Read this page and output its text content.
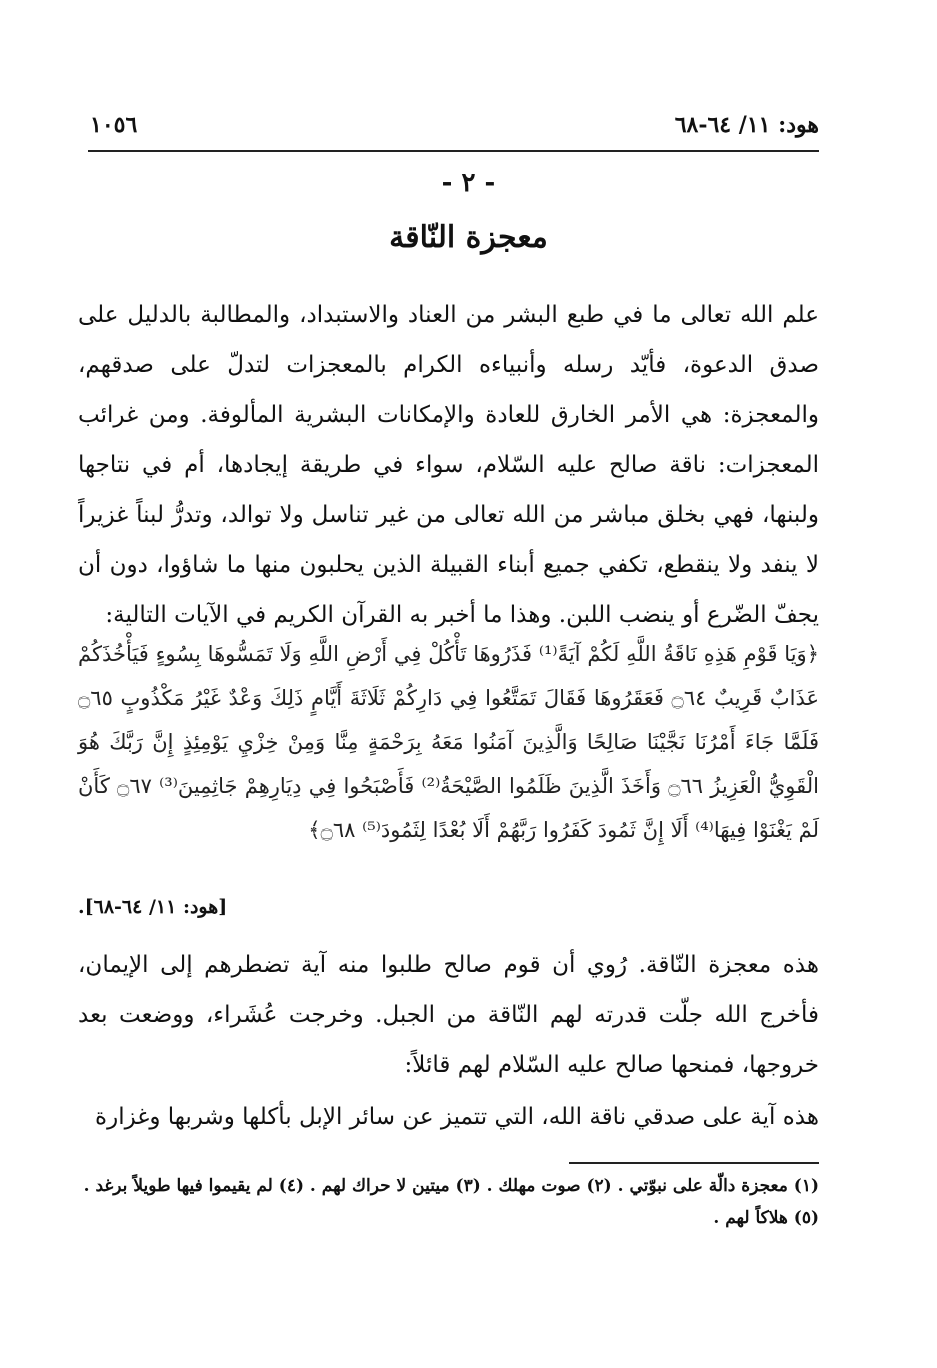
١٠٥٦	هود: ١١/ ٦٤-٦٨
- ٢ -
معجزة النّاقة
علم الله تعالى ما في طبع البشر من العناد والاستبداد، والمطالبة بالدليل على صدق الدعوة، فأيّد رسله وأنبياءه الكرام بالمعجزات لتدلّ على صدقهم، والمعجزة: هي الأمر الخارق للعادة والإمكانات البشرية المألوفة. ومن غرائب المعجزات: ناقة صالح عليه السّلام، سواء في طريقة إيجادها، أم في نتاجها ولبنها، فهي بخلق مباشر من الله تعالى من غير تناسل ولا توالد، وتدرُّ لبناً غزيراً لا ينفد ولا ينقطع، تكفي جميع أبناء القبيلة الذين يحلبون منها ما شاؤوا، دون أن يجفّ الضّرع أو ينضب اللبن. وهذا ما أخبر به القرآن الكريم في الآيات التالية:
﴿وَيَا قَوْمِ هَذِهِ نَاقَةُ اللَّهِ لَكُمْ آيَةً⁽¹⁾ فَذَرُوهَا تَأْكُلْ فِي أَرْضِ اللَّهِ وَلَا تَمَسُّوهَا بِسُوءٍ فَيَأْخُذَكُمْ عَذَابٌ قَرِيبٌ ۝٦٤ فَعَقَرُوهَا فَقَالَ تَمَتَّعُوا فِي دَارِكُمْ ثَلَاثَةَ أَيَّامٍ ذَلِكَ وَعْدٌ غَيْرُ مَكْذُوبٍ ۝٦٥ فَلَمَّا جَاءَ أَمْرُنَا نَجَّيْنَا صَالِحًا وَالَّذِينَ آمَنُوا مَعَهُ بِرَحْمَةٍ مِنَّا وَمِنْ خِزْيِ يَوْمِئِذٍ إِنَّ رَبَّكَ هُوَ الْقَوِيُّ الْعَزِيزُ ۝٦٦ وَأَخَذَ الَّذِينَ ظَلَمُوا الصَّيْحَةُ⁽²⁾ فَأَصْبَحُوا فِي دِيَارِهِمْ جَاثِمِينَ⁽³⁾ ۝٦٧ كَأَنْ لَمْ يَغْنَوْا فِيهَا⁽⁴⁾ أَلَا إِنَّ ثَمُودَ كَفَرُوا رَبَّهُمْ أَلَا بُعْدًا لِثَمُودَ⁽⁵⁾ ۝٦٨﴾
[هود: ١١/ ٦٤-٦٨].
هذه معجزة النّاقة. رُوي أن قوم صالح طلبوا منه آية تضطرهم إلى الإيمان، فأخرج الله جلّت قدرته لهم النّاقة من الجبل. وخرجت عُشَراء، ووضعت بعد خروجها، فمنحها صالح عليه السّلام لهم قائلاً:
هذه آية على صدقي ناقة الله، التي تتميز عن سائر الإبل بأكلها وشربها وغزارة
(١) معجزة دالّة على نبوّتي . (٢) صوت مهلك . (٣) ميتين لا حراك لهم . (٤) لم يقيموا فيها طويلاً برغد .
(٥) هلاكاً لهم .
